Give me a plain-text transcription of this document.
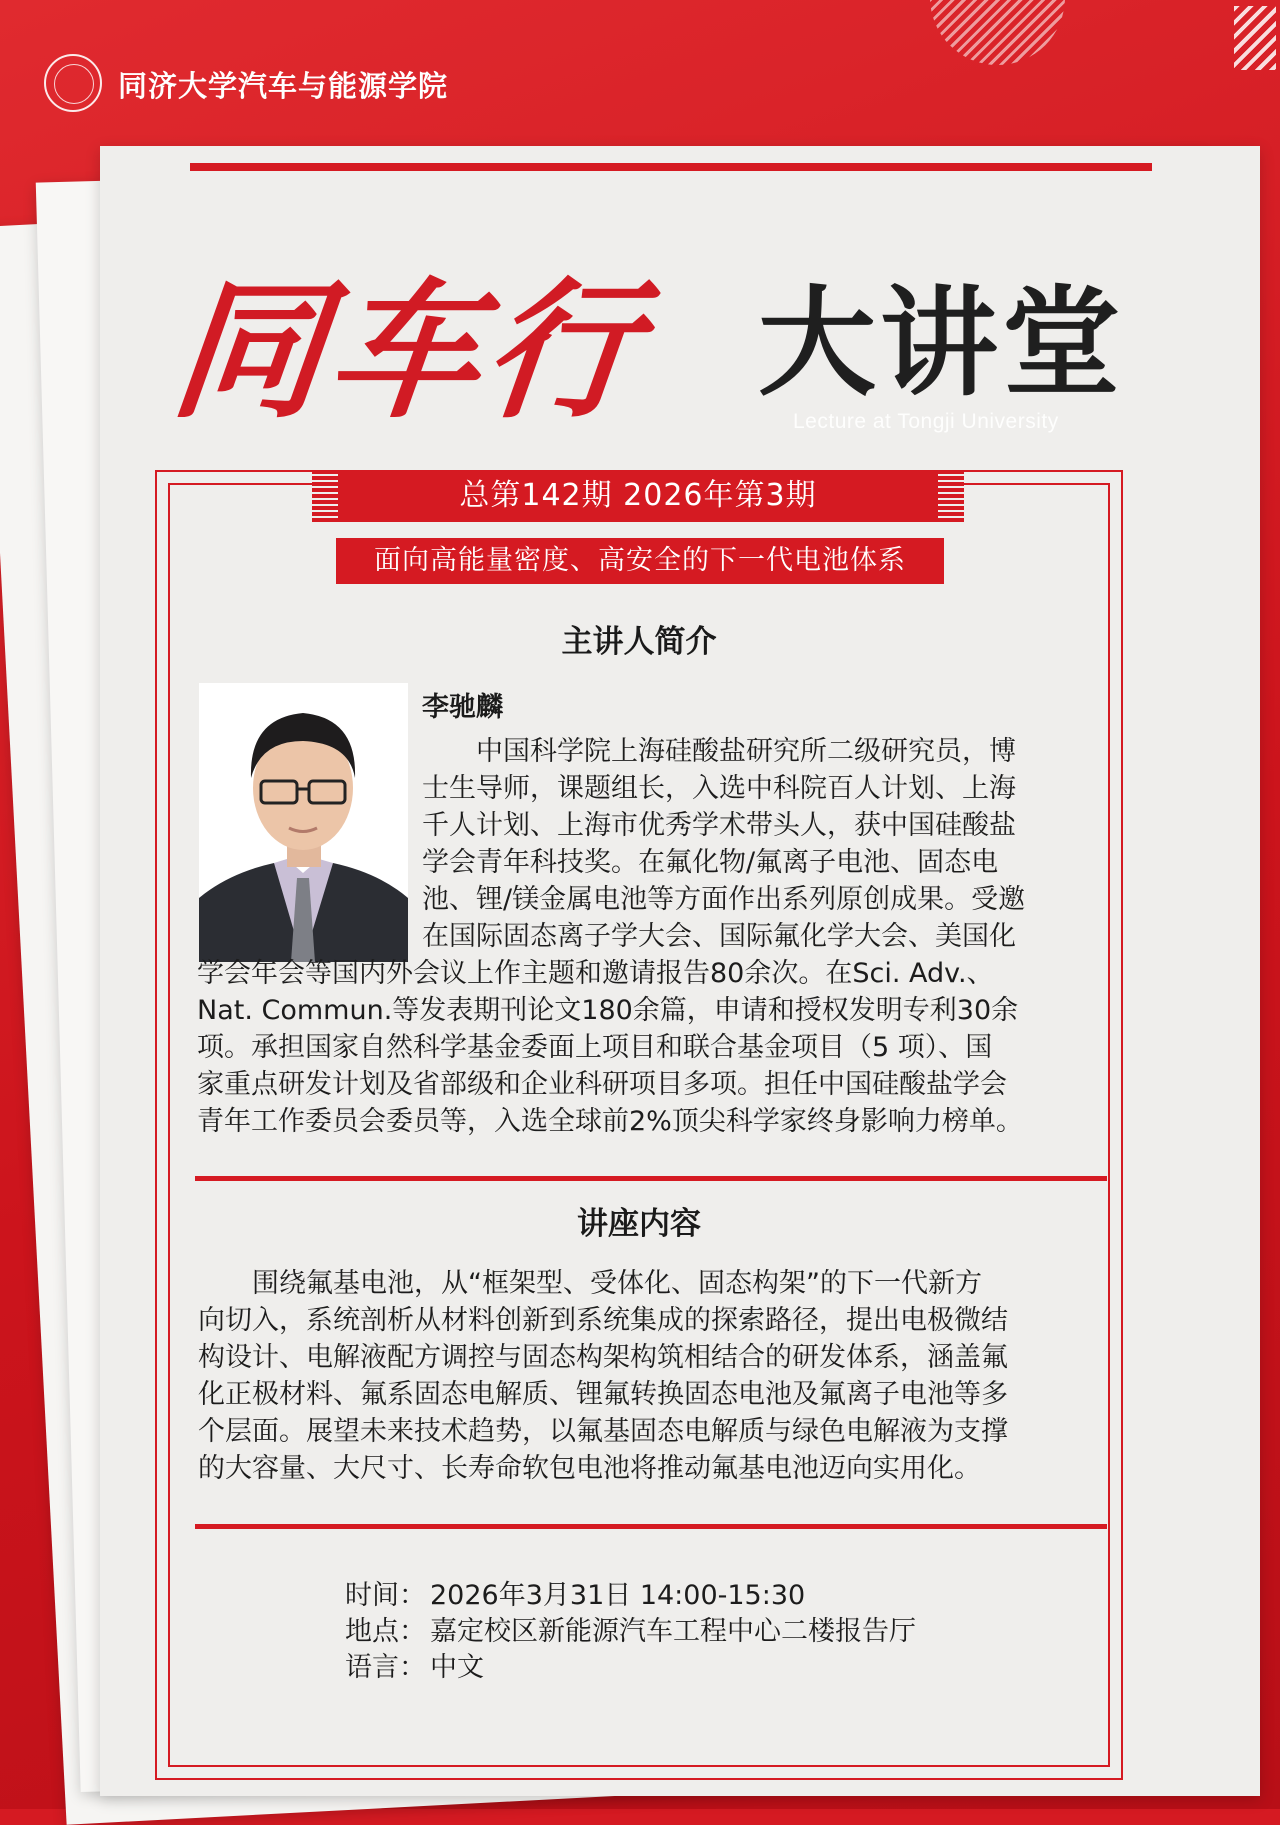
同济大学汽车与能源学院
同车行 大讲堂
Lecture at Tongji University
总第142期 2026年第3期
面向高能量密度、高安全的下一代电池体系
主讲人简介
李驰麟
中国科学院上海硅酸盐研究所二级研究员，博
士生导师，课题组长，入选中科院百人计划、上海
千人计划、上海市优秀学术带头人，获中国硅酸盐
学会青年科技奖。在氟化物/氟离子电池、固态电
池、锂/镁金属电池等方面作出系列原创成果。受邀
在国际固态离子学大会、国际氟化学大会、美国化
学会年会等国内外会议上作主题和邀请报告80余次。在Sci. Adv.、
Nat. Commun.等发表期刊论文180余篇，申请和授权发明专利30余
项。承担国家自然科学基金委面上项目和联合基金项目（5 项）、国
家重点研发计划及省部级和企业科研项目多项。担任中国硅酸盐学会
青年工作委员会委员等，入选全球前2%顶尖科学家终身影响力榜单。
讲座内容
围绕氟基电池，从“框架型、受体化、固态构架”的下一代新方
向切入，系统剖析从材料创新到系统集成的探索路径，提出电极微结
构设计、电解液配方调控与固态构架构筑相结合的研发体系，涵盖氟
化正极材料、氟系固态电解质、锂氟转换固态电池及氟离子电池等多
个层面。展望未来技术趋势，以氟基固态电解质与绿色电解液为支撑
的大容量、大尺寸、长寿命软包电池将推动氟基电池迈向实用化。
时间： 2026年3月31日 14:00-15:30
地点： 嘉定校区新能源汽车工程中心二楼报告厅
语言： 中文
